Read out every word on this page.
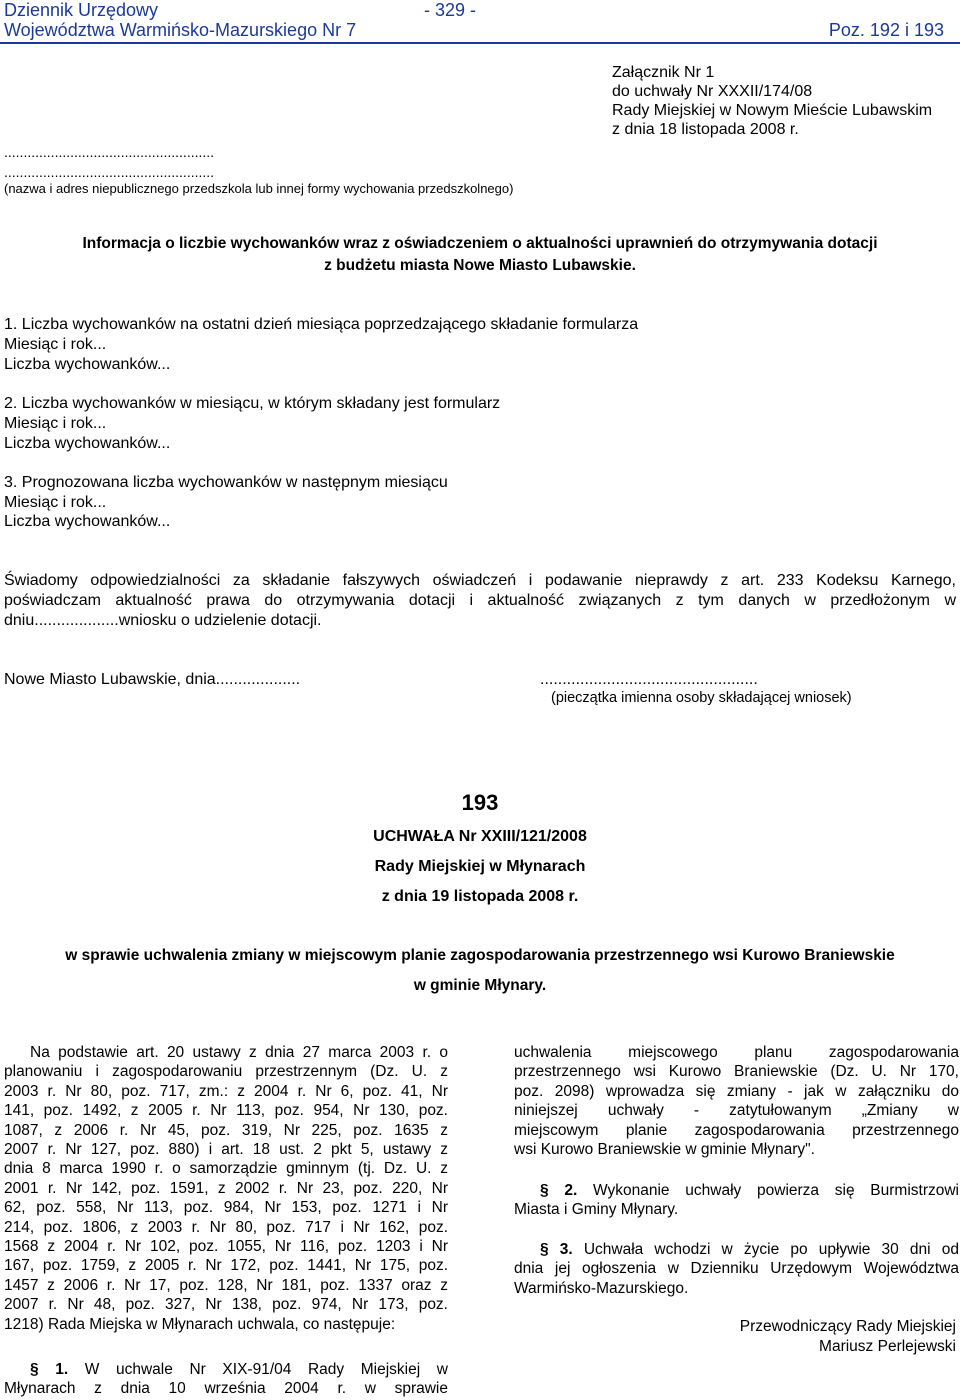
Dziennik Urzędowy
Województwa Warmińsko-Mazurskiego Nr 7
- 329 -
Poz. 192 i 193
Załącznik Nr 1
do uchwały Nr XXXII/174/08
Rady Miejskiej w Nowym Mieście Lubawskim
z dnia 18 listopada 2008 r.
......................................................
......................................................
(nazwa i adres niepublicznego przedszkola lub innej formy wychowania przedszkolnego)
Informacja o liczbie wychowanków wraz z oświadczeniem o aktualności uprawnień do otrzymywania dotacji
z budżetu miasta Nowe Miasto Lubawskie.
1. Liczba wychowanków na ostatni dzień miesiąca poprzedzającego składanie formularza
Miesiąc i rok...
Liczba wychowanków...
2. Liczba wychowanków w miesiącu, w którym składany jest formularz
Miesiąc i rok...
Liczba wychowanków...
3. Prognozowana liczba wychowanków w następnym miesiącu
Miesiąc i rok...
Liczba wychowanków...
Świadomy odpowiedzialności za składanie fałszywych oświadczeń i podawanie nieprawdy z art. 233 Kodeksu Karnego,
poświadczam aktualność prawa do otrzymywania dotacji i aktualność związanych z tym danych w przedłożonym w
dniu...................wniosku o udzielenie dotacji.
Nowe Miasto Lubawskie, dnia...................	.................................................
(pieczątka imienna osoby składającej wniosek)
193
UCHWAŁA Nr XXIII/121/2008
Rady Miejskiej w Młynarach
z dnia 19 listopada 2008 r.
w sprawie uchwalenia zmiany w miejscowym planie zagospodarowania przestrzennego wsi Kurowo Braniewskie
w gminie Młynary.
Na podstawie art. 20 ustawy z dnia 27 marca 2003 r. o
planowaniu i zagospodarowaniu przestrzennym (Dz. U. z
2003 r. Nr 80, poz. 717, zm.: z 2004 r. Nr 6, poz. 41, Nr
141, poz. 1492, z 2005 r. Nr 113, poz. 954, Nr 130, poz.
1087, z 2006 r. Nr 45, poz. 319, Nr 225, poz. 1635 z
2007 r. Nr 127, poz. 880) i art. 18 ust. 2 pkt 5, ustawy z
dnia 8 marca 1990 r. o samorządzie gminnym (tj. Dz. U. z
2001 r. Nr 142, poz. 1591, z 2002 r. Nr 23, poz. 220, Nr
62, poz. 558, Nr 113, poz. 984, Nr 153, poz. 1271 i Nr
214, poz. 1806, z 2003 r. Nr 80, poz. 717 i Nr 162, poz.
1568 z 2004 r. Nr 102, poz. 1055, Nr 116, poz. 1203 i Nr
167, poz. 1759, z 2005 r. Nr 172, poz. 1441, Nr 175, poz.
1457 z 2006 r. Nr 17, poz. 128, Nr 181, poz. 1337 oraz z
2007 r. Nr 48, poz. 327, Nr 138, poz. 974, Nr 173, poz.
1218) Rada Miejska w Młynarach uchwala, co następuje:
§ 1. W uchwale Nr XIX-91/04 Rady Miejskiej w
Młynarach z dnia 10 września 2004 r. w sprawie
uchwalenia miejscowego planu zagospodarowania
przestrzennego wsi Kurowo Braniewskie (Dz. U. Nr 170,
poz. 2098) wprowadza się zmiany - jak w załączniku do
niniejszej uchwały - zatytułowanym „Zmiany w
miejscowym planie zagospodarowania przestrzennego
wsi Kurowo Braniewskie w gminie Młynary".
§ 2. Wykonanie uchwały powierza się Burmistrzowi
Miasta i Gminy Młynary.
§ 3. Uchwała wchodzi w życie po upływie 30 dni od
dnia jej ogłoszenia w Dzienniku Urzędowym Województwa
Warmińsko-Mazurskiego.
Przewodniczący Rady Miejskiej
Mariusz Perlejewski
